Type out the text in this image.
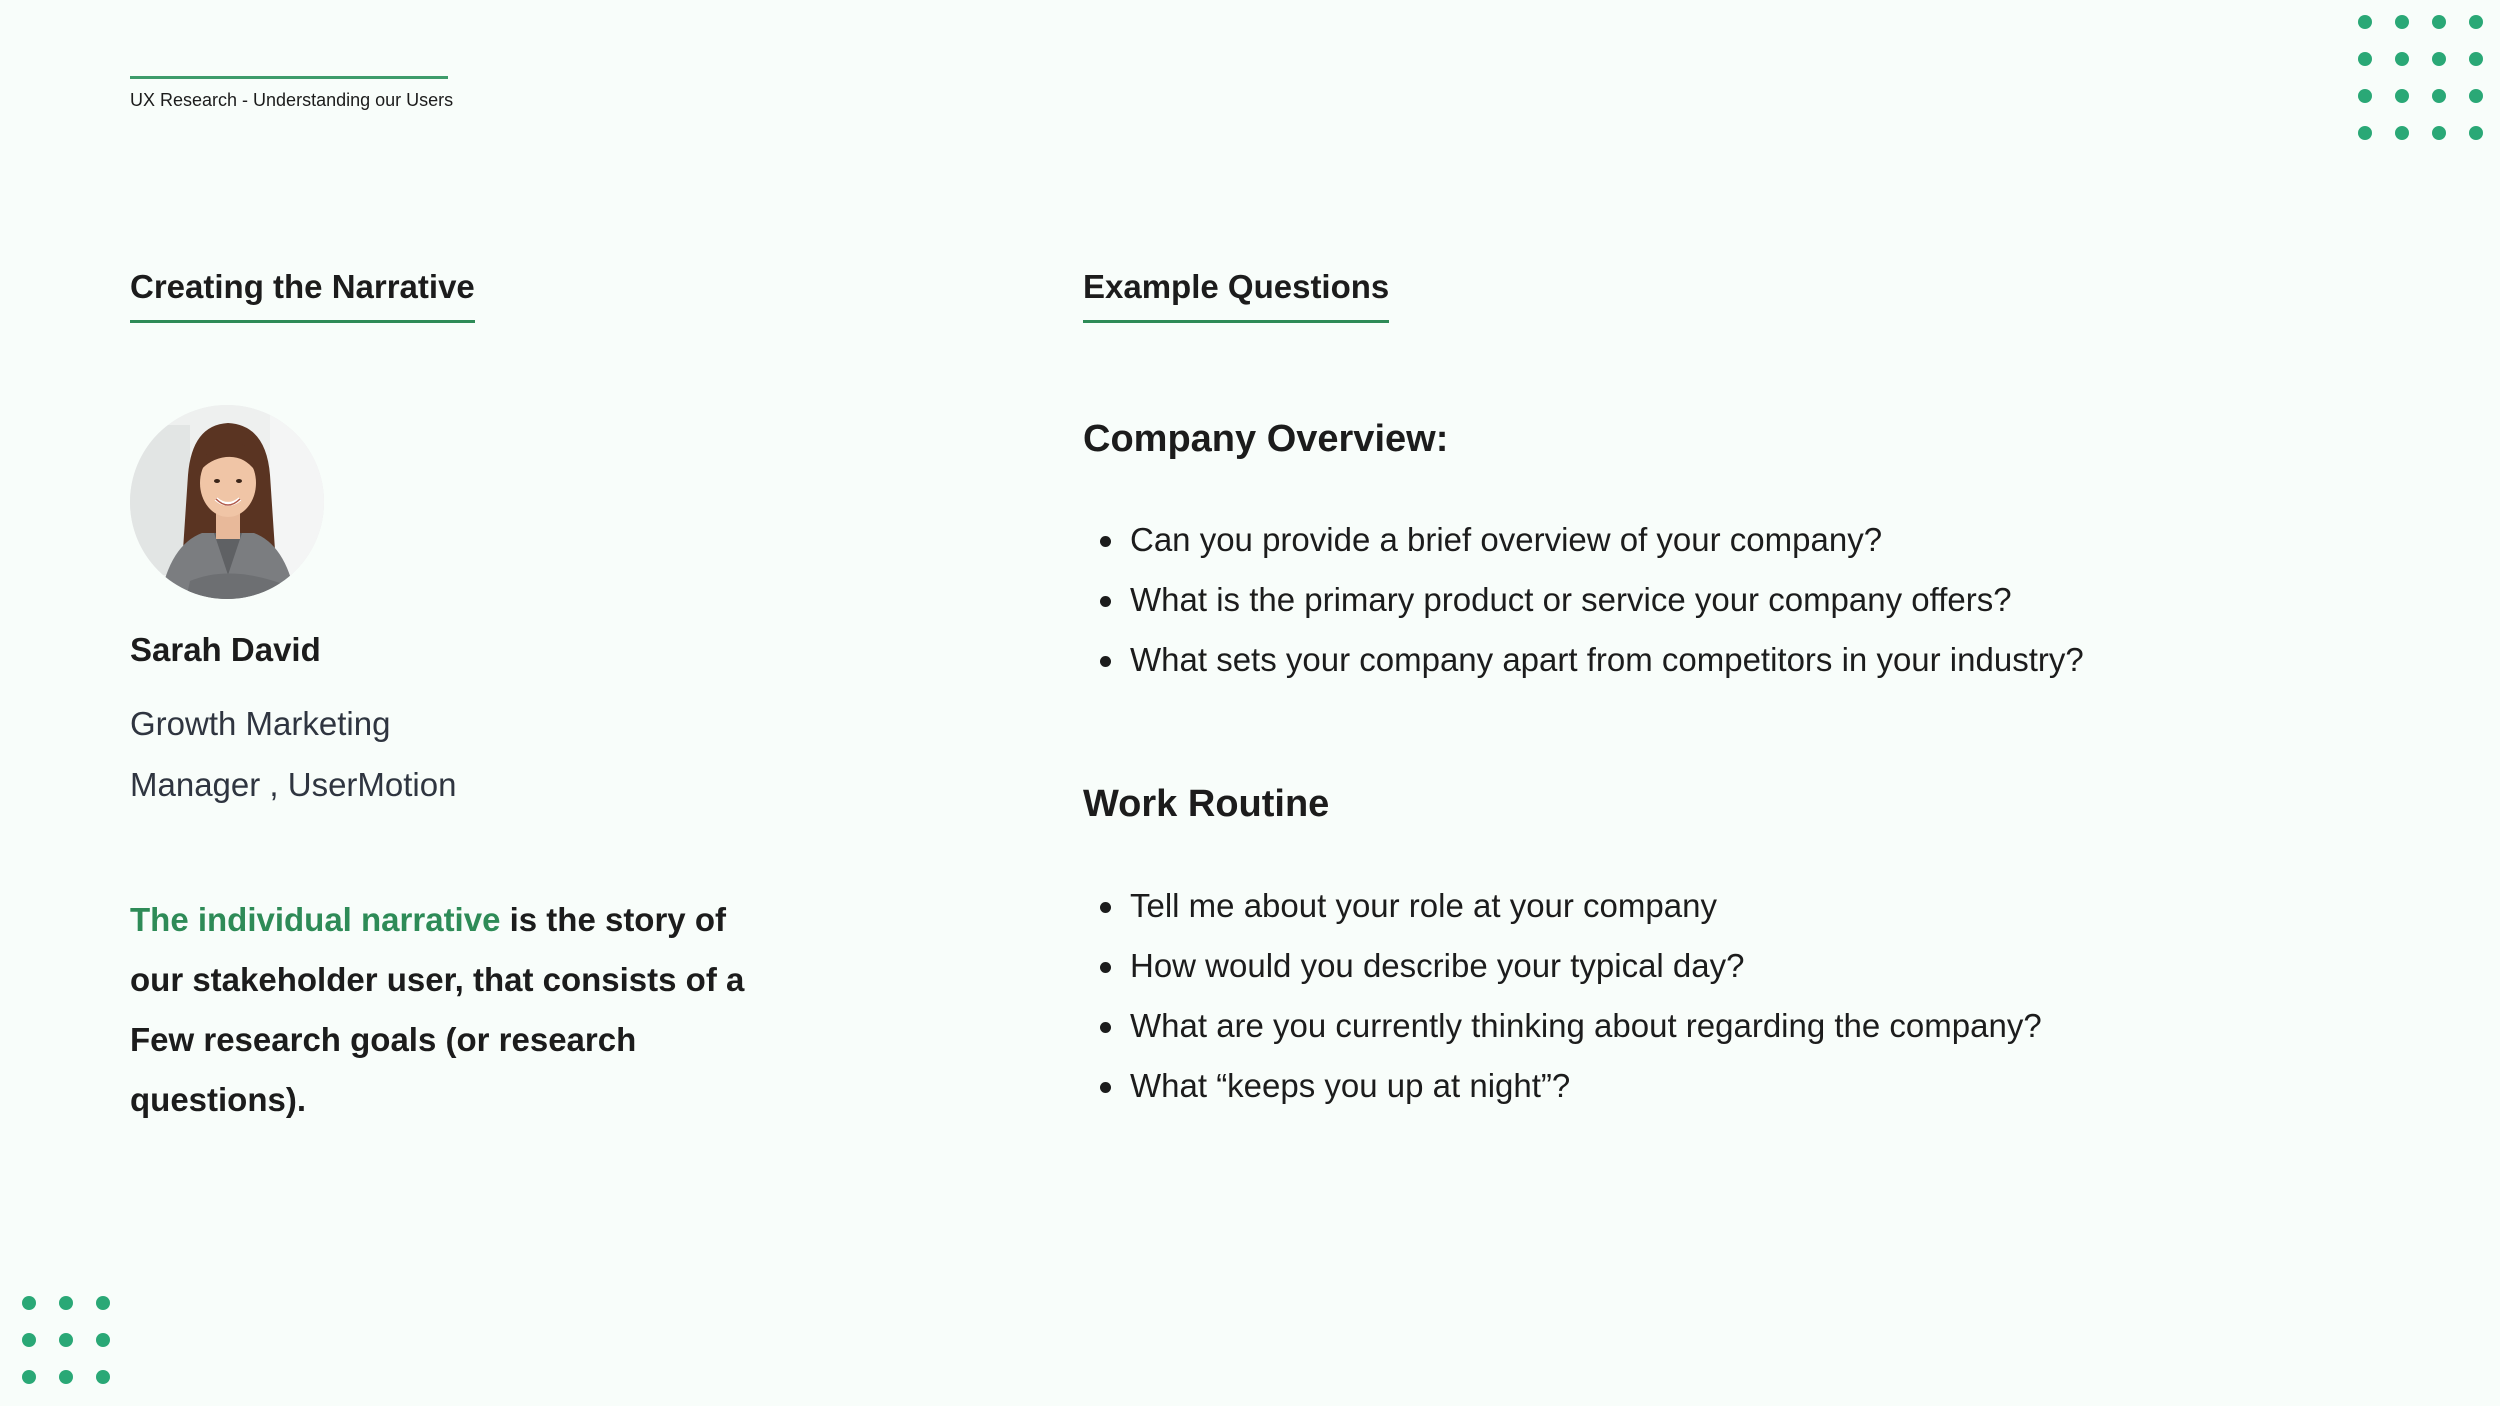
UX Research - Understanding our Users
Creating the Narrative
Sarah David
Growth Marketing
Manager , UserMotion
The individual narrative is the story of our stakeholder user, that consists of a Few research goals (or research questions).
Example Questions
Company Overview:
Can you provide a brief overview of your company?
What is the primary product or service your company offers?
What sets your company apart from competitors in your industry?
Work Routine
Tell me about your role at your company
How would you describe your typical day?
What are you currently thinking about regarding the company?
What “keeps you up at night”?
